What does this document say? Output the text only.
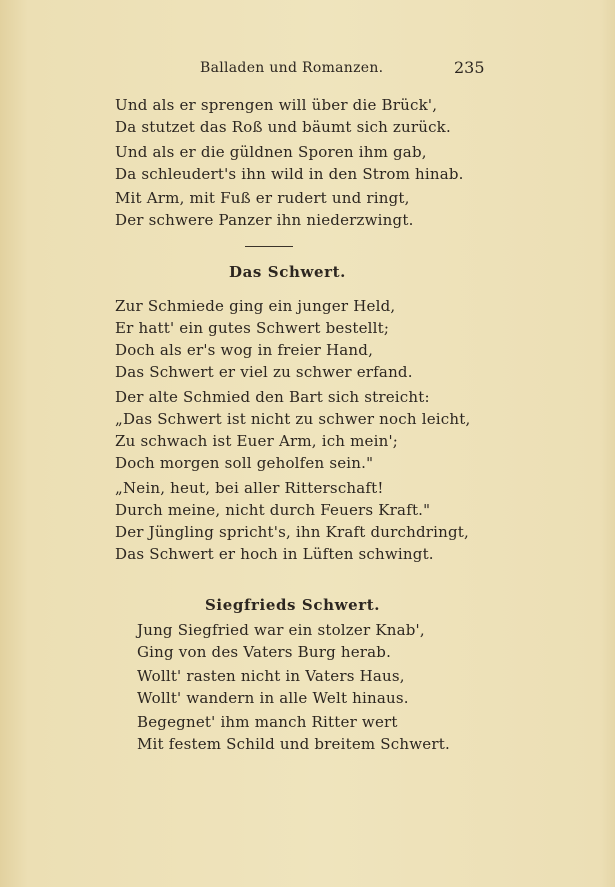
Balladen und Romanzen.	235
Und als er sprengen will über die Brück',
Da stutzet das Roß und bäumt sich zurück.
Und als er die güldnen Sporen ihm gab,
Da schleudert's ihn wild in den Strom hinab.
Mit Arm, mit Fuß er rudert und ringt,
Der schwere Panzer ihn niederzwingt.
Das Schwert.
Zur Schmiede ging ein junger Held,
Er hatt' ein gutes Schwert bestellt;
Doch als er's wog in freier Hand,
Das Schwert er viel zu schwer erfand.
Der alte Schmied den Bart sich streicht:
„Das Schwert ist nicht zu schwer noch leicht,
Zu schwach ist Euer Arm, ich mein';
Doch morgen soll geholfen sein."
„Nein, heut, bei aller Ritterschaft!
Durch meine, nicht durch Feuers Kraft."
Der Jüngling spricht's, ihn Kraft durchdringt,
Das Schwert er hoch in Lüften schwingt.
Siegfrieds Schwert.
Jung Siegfried war ein stolzer Knab',
Ging von des Vaters Burg herab.
Wollt' rasten nicht in Vaters Haus,
Wollt' wandern in alle Welt hinaus.
Begegnet' ihm manch Ritter wert
Mit festem Schild und breitem Schwert.
